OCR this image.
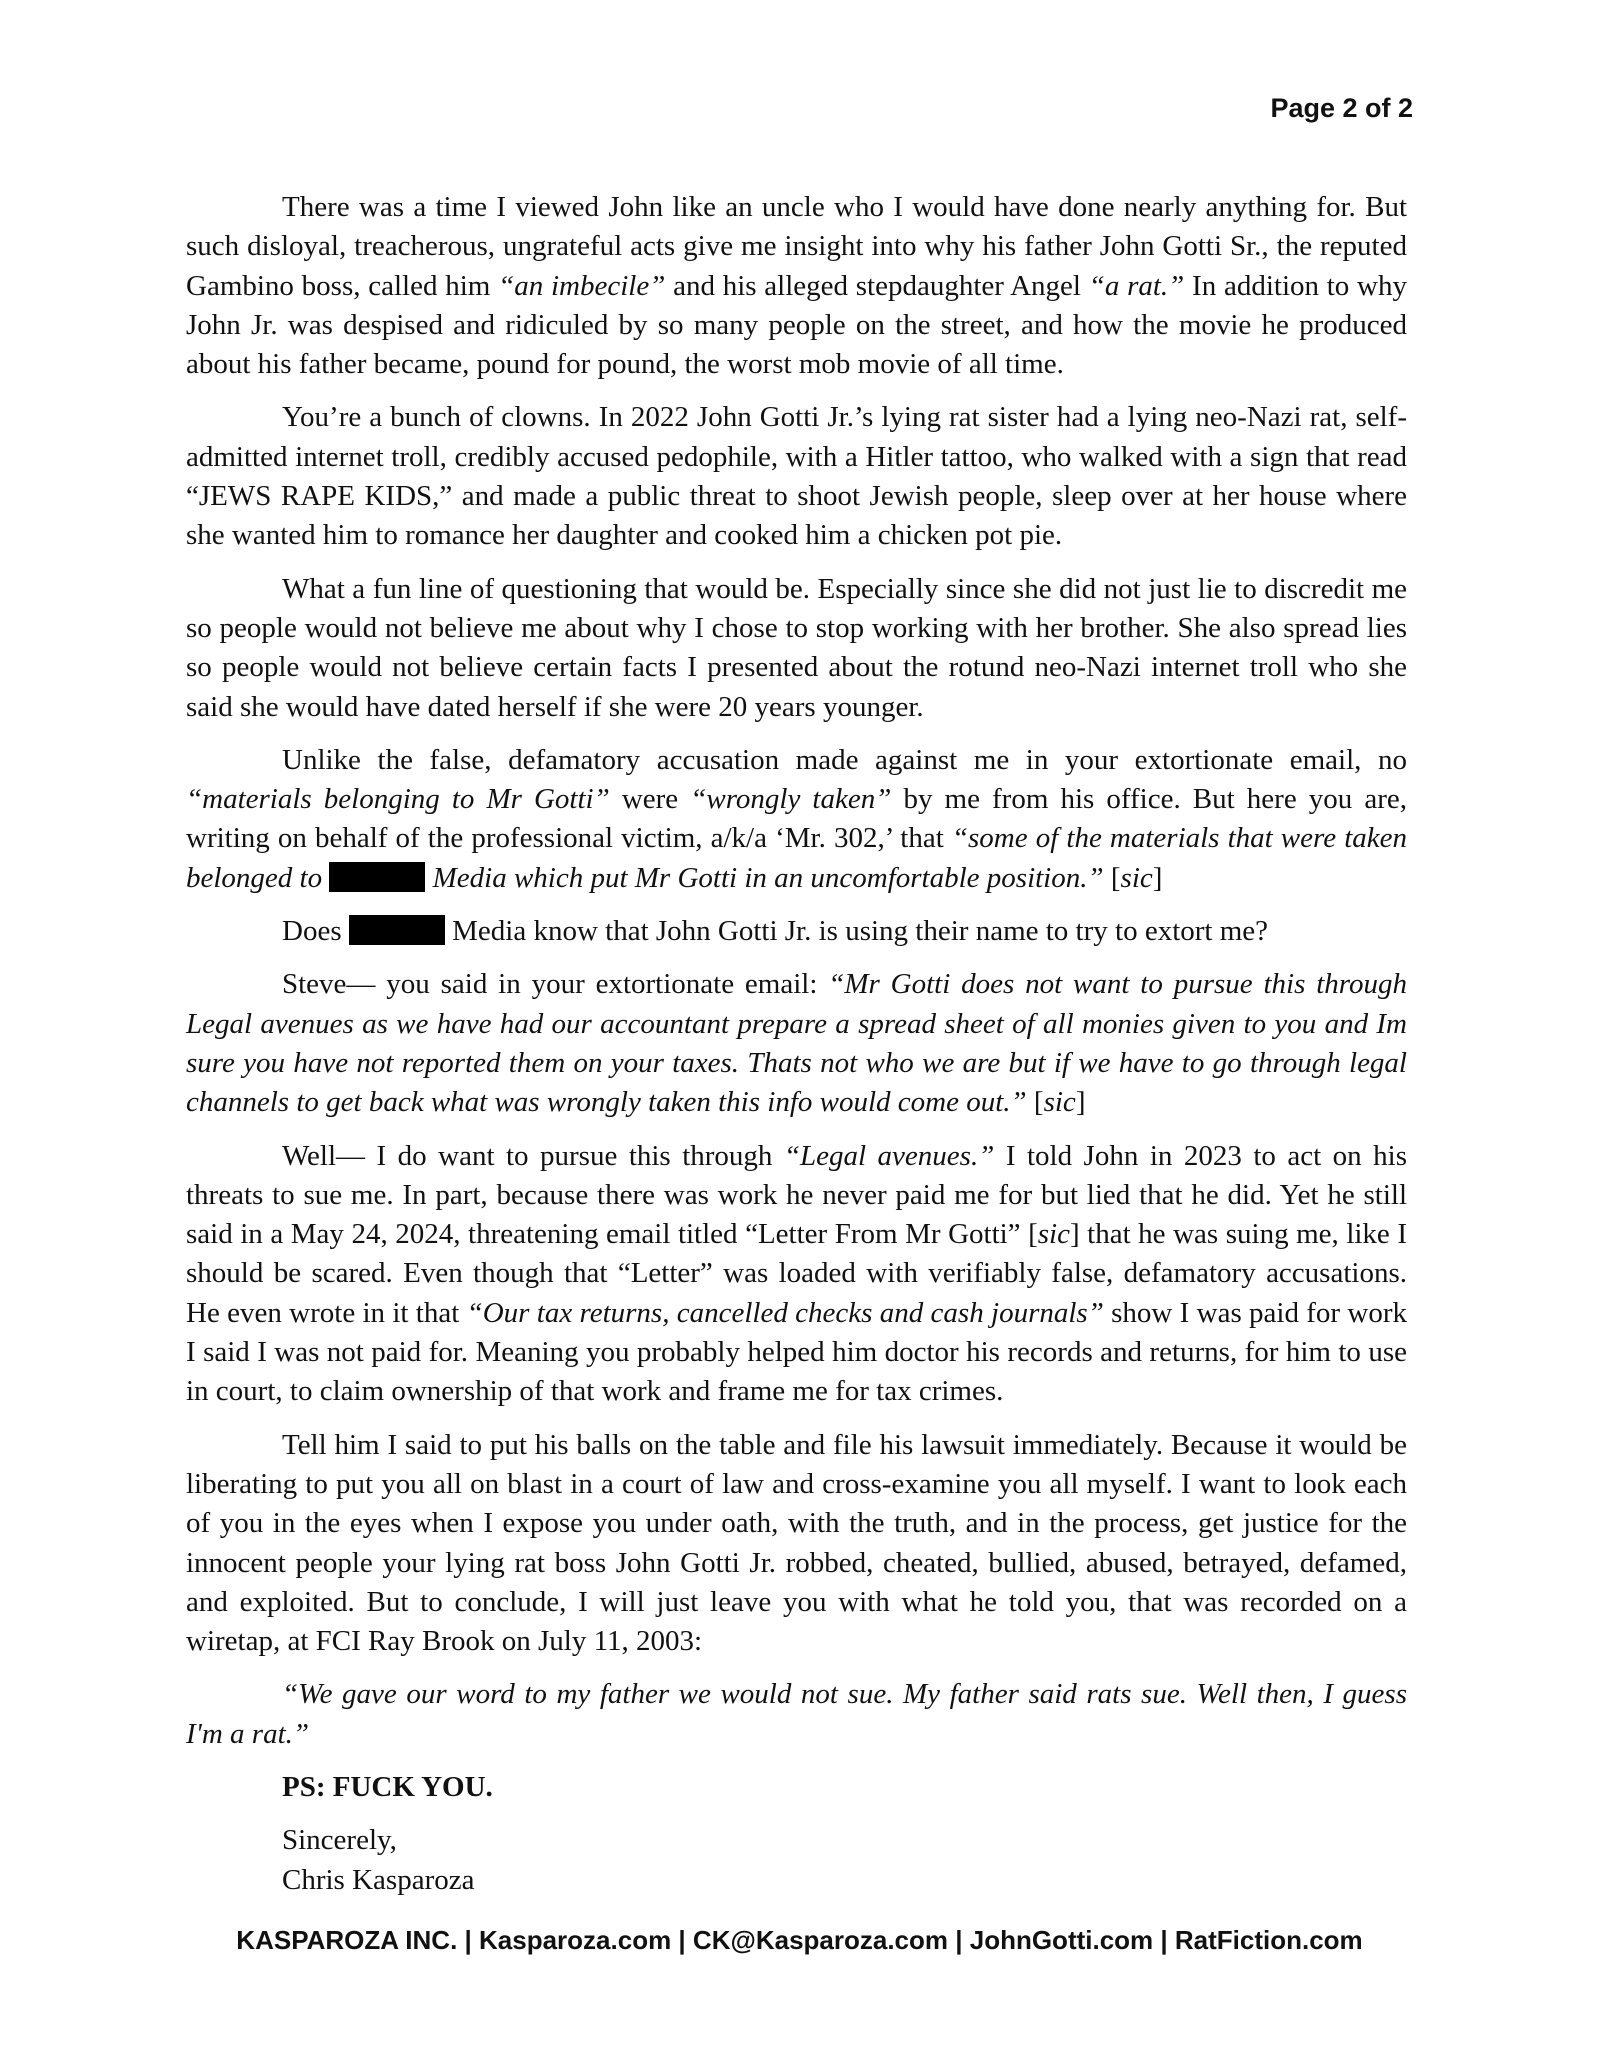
Page 2 of 2

There was a time I viewed John like an uncle who I would have done nearly anything for. But such disloyal, treacherous, ungrateful acts give me insight into why his father John Gotti Sr., the reputed Gambino boss, called him “an imbecile” and his alleged stepdaughter Angel “a rat.” In addition to why John Jr. was despised and ridiculed by so many people on the street, and how the movie he produced about his father became, pound for pound, the worst mob movie of all time.

You’re a bunch of clowns. In 2022 John Gotti Jr.’s lying rat sister had a lying neo-Nazi rat, self-admitted internet troll, credibly accused pedophile, with a Hitler tattoo, who walked with a sign that read “JEWS RAPE KIDS,” and made a public threat to shoot Jewish people, sleep over at her house where she wanted him to romance her daughter and cooked him a chicken pot pie.

What a fun line of questioning that would be. Especially since she did not just lie to discredit me so people would not believe me about why I chose to stop working with her brother. She also spread lies so people would not believe certain facts I presented about the rotund neo-Nazi internet troll who she said she would have dated herself if she were 20 years younger.

Unlike the false, defamatory accusation made against me in your extortionate email, no “materials belonging to Mr Gotti” were “wrongly taken” by me from his office. But here you are, writing on behalf of the professional victim, a/k/a ‘Mr. 302,’ that “some of the materials that were taken belonged to	Media which put Mr Gotti in an uncomfortable position.” [sic]

Does	Media know that John Gotti Jr. is using their name to try to extort me?

Steve— you said in your extortionate email: “Mr Gotti does not want to pursue this through Legal avenues as we have had our accountant prepare a spread sheet of all monies given to you and Im sure you have not reported them on your taxes. Thats not who we are but if we have to go through legal channels to get back what was wrongly taken this info would come out.” [sic]

Well— I do want to pursue this through “Legal avenues.” I told John in 2023 to act on his threats to sue me. In part, because there was work he never paid me for but lied that he did. Yet he still said in a May 24, 2024, threatening email titled “Letter From Mr Gotti” [sic] that he was suing me, like I should be scared. Even though that “Letter” was loaded with verifiably false, defamatory accusations. He even wrote in it that “Our tax returns, cancelled checks and cash journals” show I was paid for work I said I was not paid for. Meaning you probably helped him doctor his records and returns, for him to use in court, to claim ownership of that work and frame me for tax crimes.

Tell him I said to put his balls on the table and file his lawsuit immediately. Because it would be liberating to put you all on blast in a court of law and cross-examine you all myself. I want to look each of you in the eyes when I expose you under oath, with the truth, and in the process, get justice for the innocent people your lying rat boss John Gotti Jr. robbed, cheated, bullied, abused, betrayed, defamed, and exploited. But to conclude, I will just leave you with what he told you, that was recorded on a wiretap, at FCI Ray Brook on July 11, 2003:

“We gave our word to my father we would not sue. My father said rats sue. Well then, I guess I'm a rat.”

PS: FUCK YOU.

Sincerely,
Chris Kasparoza
KASPAROZA INC. | Kasparoza.com | CK@Kasparoza.com | JohnGotti.com | RatFiction.com
